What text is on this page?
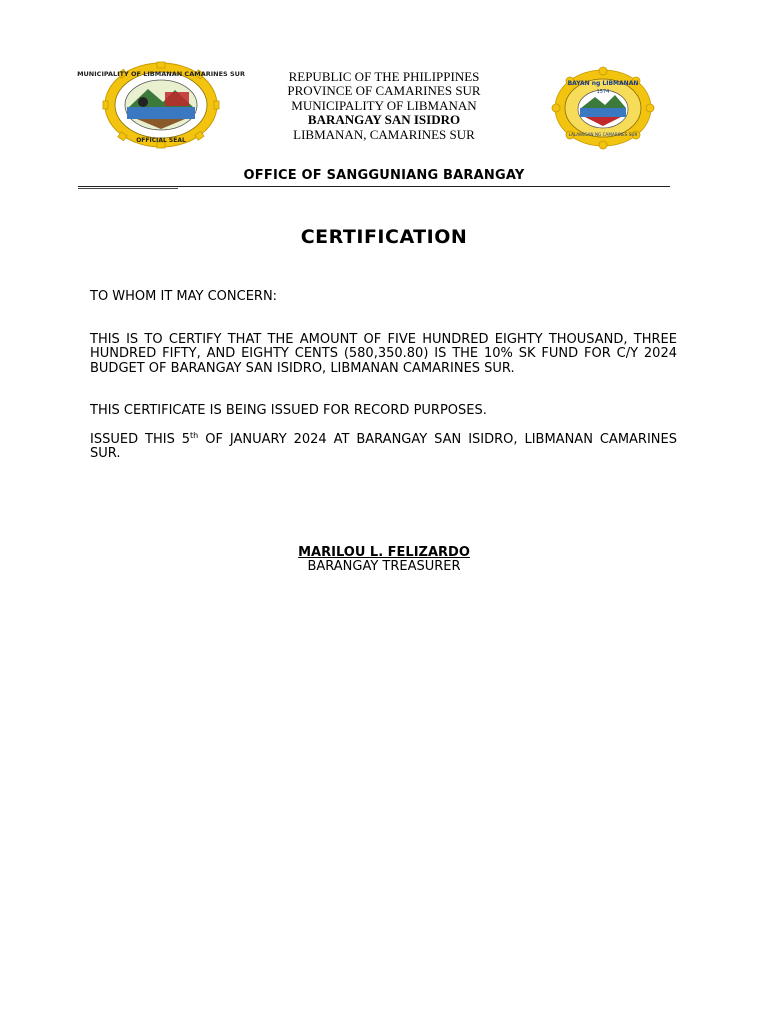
MUNICIPALITY OF LIBMANAN CAMARINES SUR
OFFICIAL SEAL
REPUBLIC OF THE PHILIPPINES
PROVINCE OF CAMARINES SUR
MUNICIPALITY OF LIBMANAN
BARANGAY SAN ISIDRO
LIBMANAN, CAMARINES SUR
BAYAN ng LIBMANAN
1574
LALAWIGAN NG CAMARINES SUR
OFFICE OF SANGGUNIANG BARANGAY
CERTIFICATION
TO WHOM IT MAY CONCERN:
THIS IS TO CERTIFY THAT THE AMOUNT OF FIVE HUNDRED EIGHTY THOUSAND, THREE HUNDRED FIFTY, AND EIGHTY CENTS (580,350.80) IS THE 10% SK FUND FOR C/Y 2024 BUDGET OF BARANGAY SAN ISIDRO, LIBMANAN CAMARINES SUR.
THIS CERTIFICATE IS BEING ISSUED FOR RECORD PURPOSES.
ISSUED THIS 5th OF JANUARY 2024 AT BARANGAY SAN ISIDRO, LIBMANAN CAMARINES SUR.
MARILOU L. FELIZARDO
BARANGAY TREASURER
